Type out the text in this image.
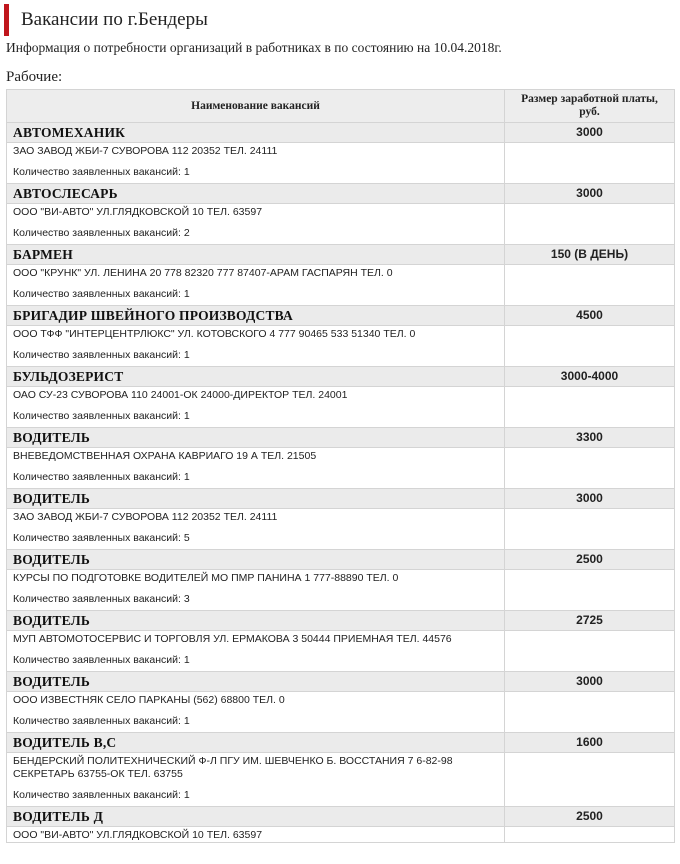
Вакансии по г.Бендеры
Информация о потребности организаций в работниках в по состоянию на 10.04.2018г.
Рабочие:
Наименование вакансий	Размер заработной платы, руб.
АВТОМЕХАНИК	3000

ЗАО ЗАВОД ЖБИ-7 СУВОРОВА 112 20352 ТЕЛ. 24111
Количество заявленных вакансий: 1	

АВТОСЛЕСАРЬ	3000

ООО "ВИ-АВТО" УЛ.ГЛЯДКОВСКОЙ 10 ТЕЛ. 63597
Количество заявленных вакансий: 2	

БАРМЕН	150 (В ДЕНЬ)

ООО "КРУНК" УЛ. ЛЕНИНА 20 778 82320 777 87407-АРАМ ГАСПАРЯН ТЕЛ. 0
Количество заявленных вакансий: 1	

БРИГАДИР ШВЕЙНОГО ПРОИЗВОДСТВА	4500

ООО ТФФ "ИНТЕРЦЕНТРЛЮКС" УЛ. КОТОВСКОГО 4 777 90465 533 51340 ТЕЛ. 0
Количество заявленных вакансий: 1	

БУЛЬДОЗЕРИСТ	3000-4000

ОАО СУ-23 СУВОРОВА 110 24001-ОК 24000-ДИРЕКТОР ТЕЛ. 24001
Количество заявленных вакансий: 1	

ВОДИТЕЛЬ	3300

ВНЕВЕДОМСТВЕННАЯ ОХРАНА КАВРИАГО 19 А ТЕЛ. 21505
Количество заявленных вакансий: 1	

ВОДИТЕЛЬ	3000

ЗАО ЗАВОД ЖБИ-7 СУВОРОВА 112 20352 ТЕЛ. 24111
Количество заявленных вакансий: 5	

ВОДИТЕЛЬ	2500

КУРСЫ ПО ПОДГОТОВКЕ ВОДИТЕЛЕЙ МО ПМР ПАНИНА 1 777-88890 ТЕЛ. 0
Количество заявленных вакансий: 3	

ВОДИТЕЛЬ	2725

МУП АВТОМОТОСЕРВИС И ТОРГОВЛЯ УЛ. ЕРМАКОВА 3 50444 ПРИЕМНАЯ ТЕЛ. 44576
Количество заявленных вакансий: 1	

ВОДИТЕЛЬ	3000

ООО ИЗВЕСТНЯК СЕЛО ПАРКАНЫ (562) 68800 ТЕЛ. 0
Количество заявленных вакансий: 1	

ВОДИТЕЛЬ В,С	1600

БЕНДЕРСКИЙ ПОЛИТЕХНИЧЕСКИЙ Ф-Л ПГУ ИМ. ШЕВЧЕНКО Б. ВОССТАНИЯ 7 6-82-98 СЕКРЕТАРЬ 63755-ОК ТЕЛ. 63755
Количество заявленных вакансий: 1	

ВОДИТЕЛЬ Д	2500

ООО "ВИ-АВТО" УЛ.ГЛЯДКОВСКОЙ 10 ТЕЛ. 63597	
